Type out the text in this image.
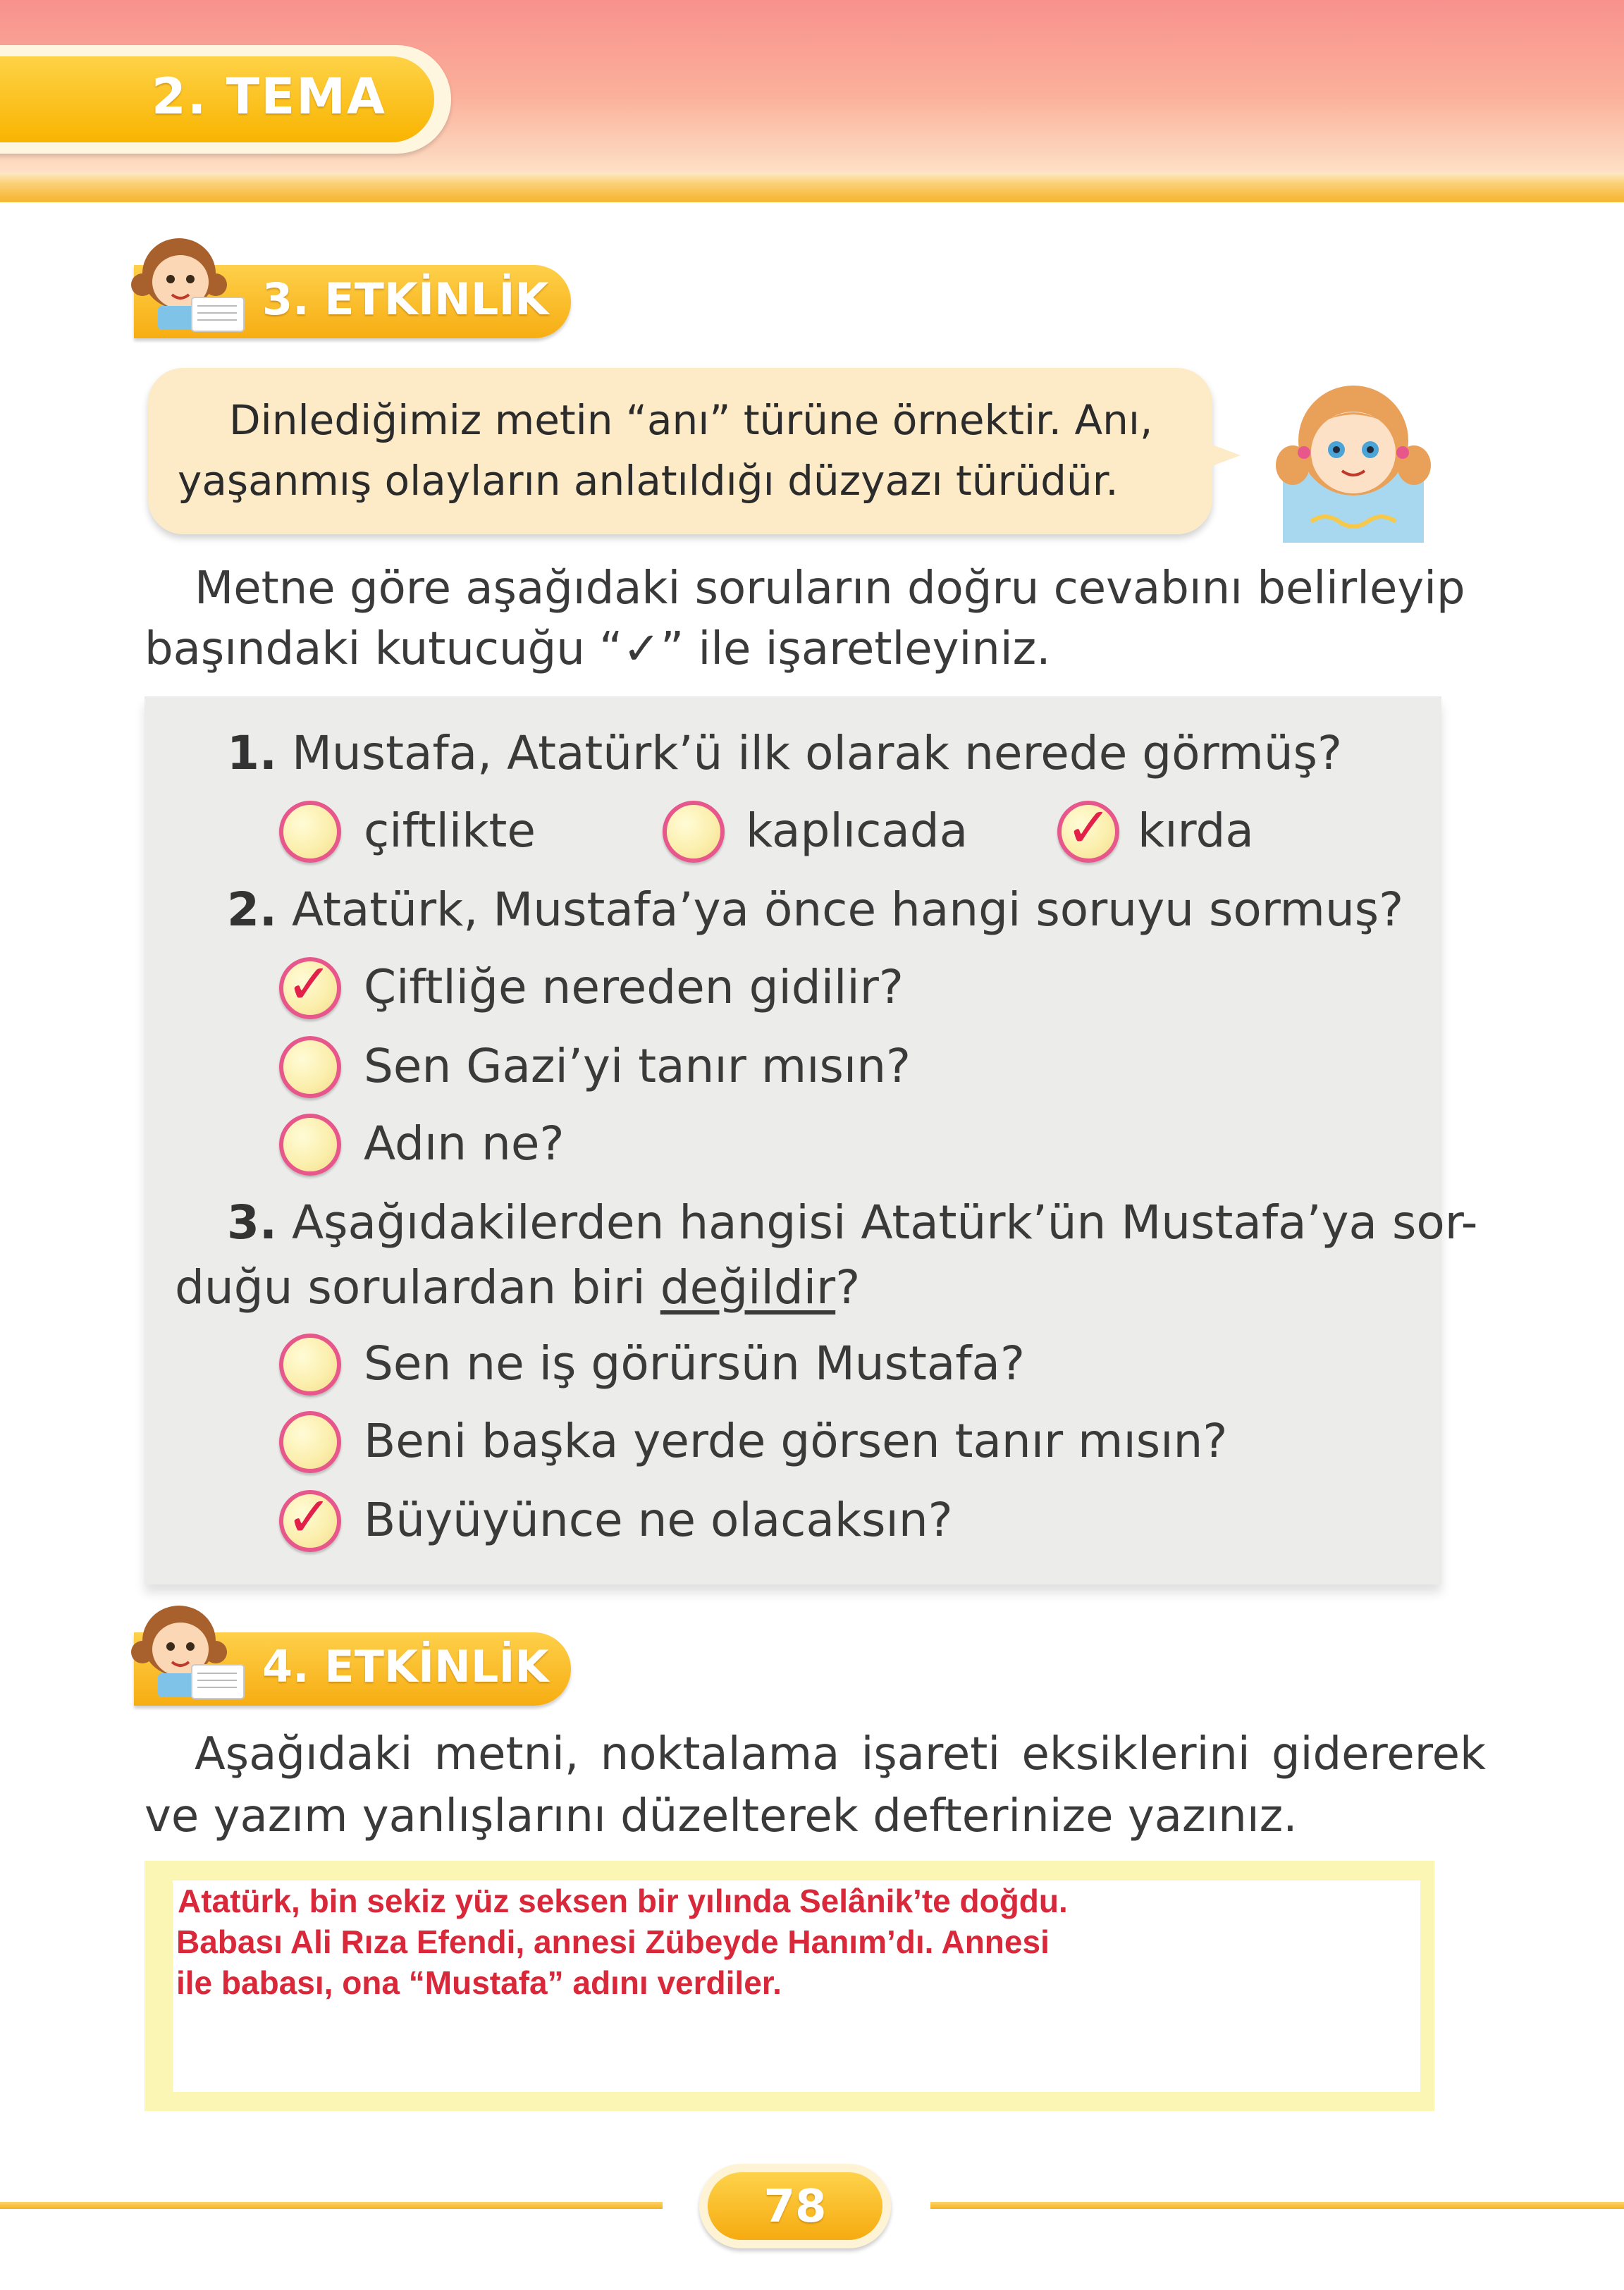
2. TEMA
3. ETKİNLİK
Dinlediğimiz metin “anı” türüne örnektir. Anı,
yaşanmış olayların anlatıldığı düzyazı türüdür.
Metne göre aşağıdaki soruların doğru cevabını belirleyip
başındaki kutucuğu “✓” ile işaretleyiniz.
1. Mustafa, Atatürk’ü ilk olarak nerede görmüş?
çiftlikte	kaplıcada ✓ kırda
2. Atatürk, Mustafa’ya önce hangi soruyu sormuş?
✓ Çiftliğe nereden gidilir?
Sen Gazi’yi tanır mısın?
Adın ne?
3. Aşağıdakilerden hangisi Atatürk’ün Mustafa’ya sor-
duğu sorulardan biri değildir?
Sen ne iş görürsün Mustafa?
Beni başka yerde görsen tanır mısın?
✓ Büyüyünce ne olacaksın?
4. ETKİNLİK
Aşağıdaki metni, noktalama işareti eksiklerini gidererek
ve yazım yanlışlarını düzelterek defterinize yazınız.
Atatürk, bin sekiz yüz seksen bir yılında Selânik’te doğdu.
Babası Ali Rıza Efendi, annesi Zübeyde Hanım’dı. Annesi
ile babası, ona “Mustafa” adını verdiler.
78
